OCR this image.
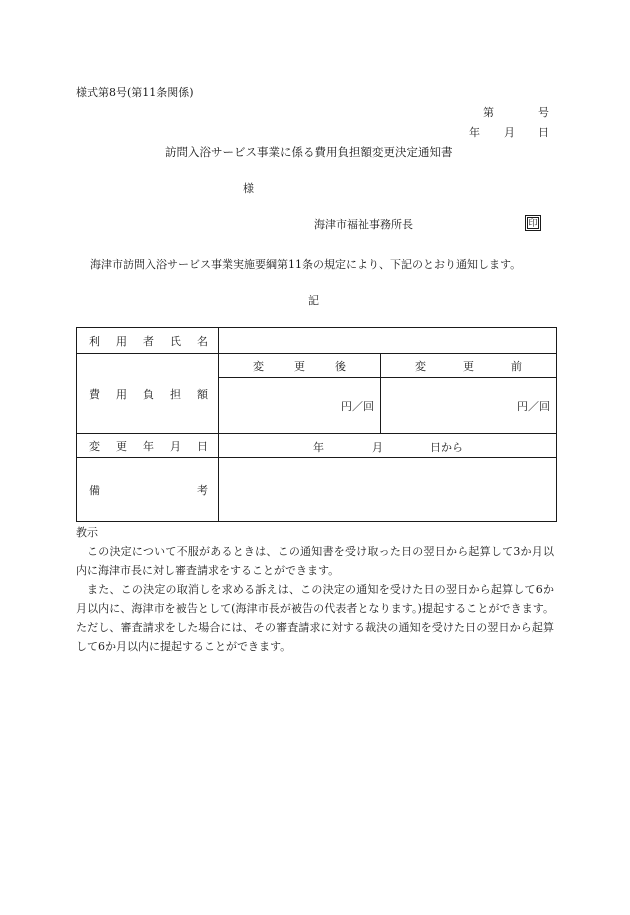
様式第8号(第11条関係)
第	号
年 月 日
訪問入浴サービス事業に係る費用負担額変更決定通知書
様
海津市福祉事務所長	印
海津市訪問入浴サービス事業実施要綱第11条の規定により、下記のとおり通知します。
記
利用者氏名		
費用負担額	変更後	変更前
	円／回	円／回
変更年月日	年 月 日から	

備 考		

教示
この決定について不服があるときは、この通知書を受け取った日の翌日から起算して3か月以内に海津市長に対し審査請求をすることができます。
また、この決定の取消しを求める訴えは、この決定の通知を受けた日の翌日から起算して6か月以内に、海津市を被告として(海津市長が被告の代表者となります。)提起することができます。ただし、審査請求をした場合には、その審査請求に対する裁決の通知を受けた日の翌日から起算して6か月以内に提起することができます。
